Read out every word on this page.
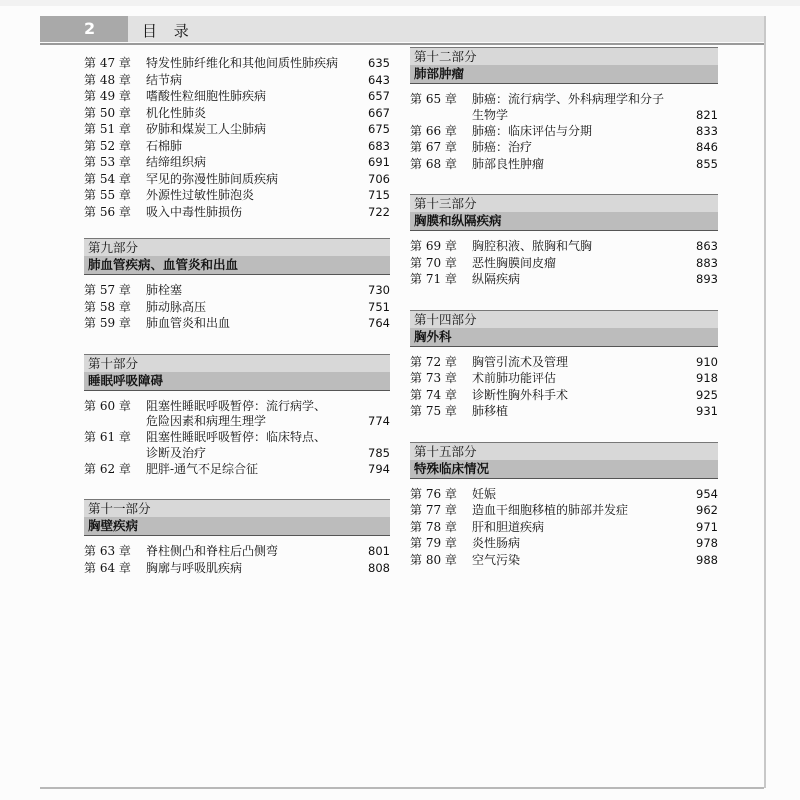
2	目 录
第 47 章 特发性肺纤维化和其他间质性肺疾病	635
第 48 章 结节病	643
第 49 章 嗜酸性粒细胞性肺疾病	657
第 50 章 机化性肺炎	667
第 51 章 矽肺和煤炭工人尘肺病	675
第 52 章 石棉肺	683
第 53 章 结缔组织病	691
第 54 章 罕见的弥漫性肺间质疾病	706
第 55 章 外源性过敏性肺泡炎	715
第 56 章 吸入中毒性肺损伤	722
第九部分
肺血管疾病、血管炎和出血
第 57 章 肺栓塞	730
第 58 章 肺动脉高压	751
第 59 章 肺血管炎和出血	764
第十部分
睡眠呼吸障碍
第 60 章 阻塞性睡眠呼吸暂停：流行病学、
危险因素和病理生理学	774
第 61 章 阻塞性睡眠呼吸暂停：临床特点、
诊断及治疗	785
第 62 章 肥胖-通气不足综合征	794
第十一部分
胸壁疾病
第 63 章 脊柱侧凸和脊柱后凸侧弯	801
第 64 章 胸廓与呼吸肌疾病	808
第十二部分
肺部肿瘤
第 65 章 肺癌：流行病学、外科病理学和分子
生物学	821
第 66 章 肺癌：临床评估与分期	833
第 67 章 肺癌：治疗	846
第 68 章 肺部良性肿瘤	855
第十三部分
胸膜和纵隔疾病
第 69 章 胸腔积液、脓胸和气胸	863
第 70 章 恶性胸膜间皮瘤	883
第 71 章 纵隔疾病	893
第十四部分
胸外科
第 72 章 胸管引流术及管理	910
第 73 章 术前肺功能评估	918
第 74 章 诊断性胸外科手术	925
第 75 章 肺移植	931
第十五部分
特殊临床情况
第 76 章 妊娠	954
第 77 章 造血干细胞移植的肺部并发症	962
第 78 章 肝和胆道疾病	971
第 79 章 炎性肠病	978
第 80 章 空气污染	988
